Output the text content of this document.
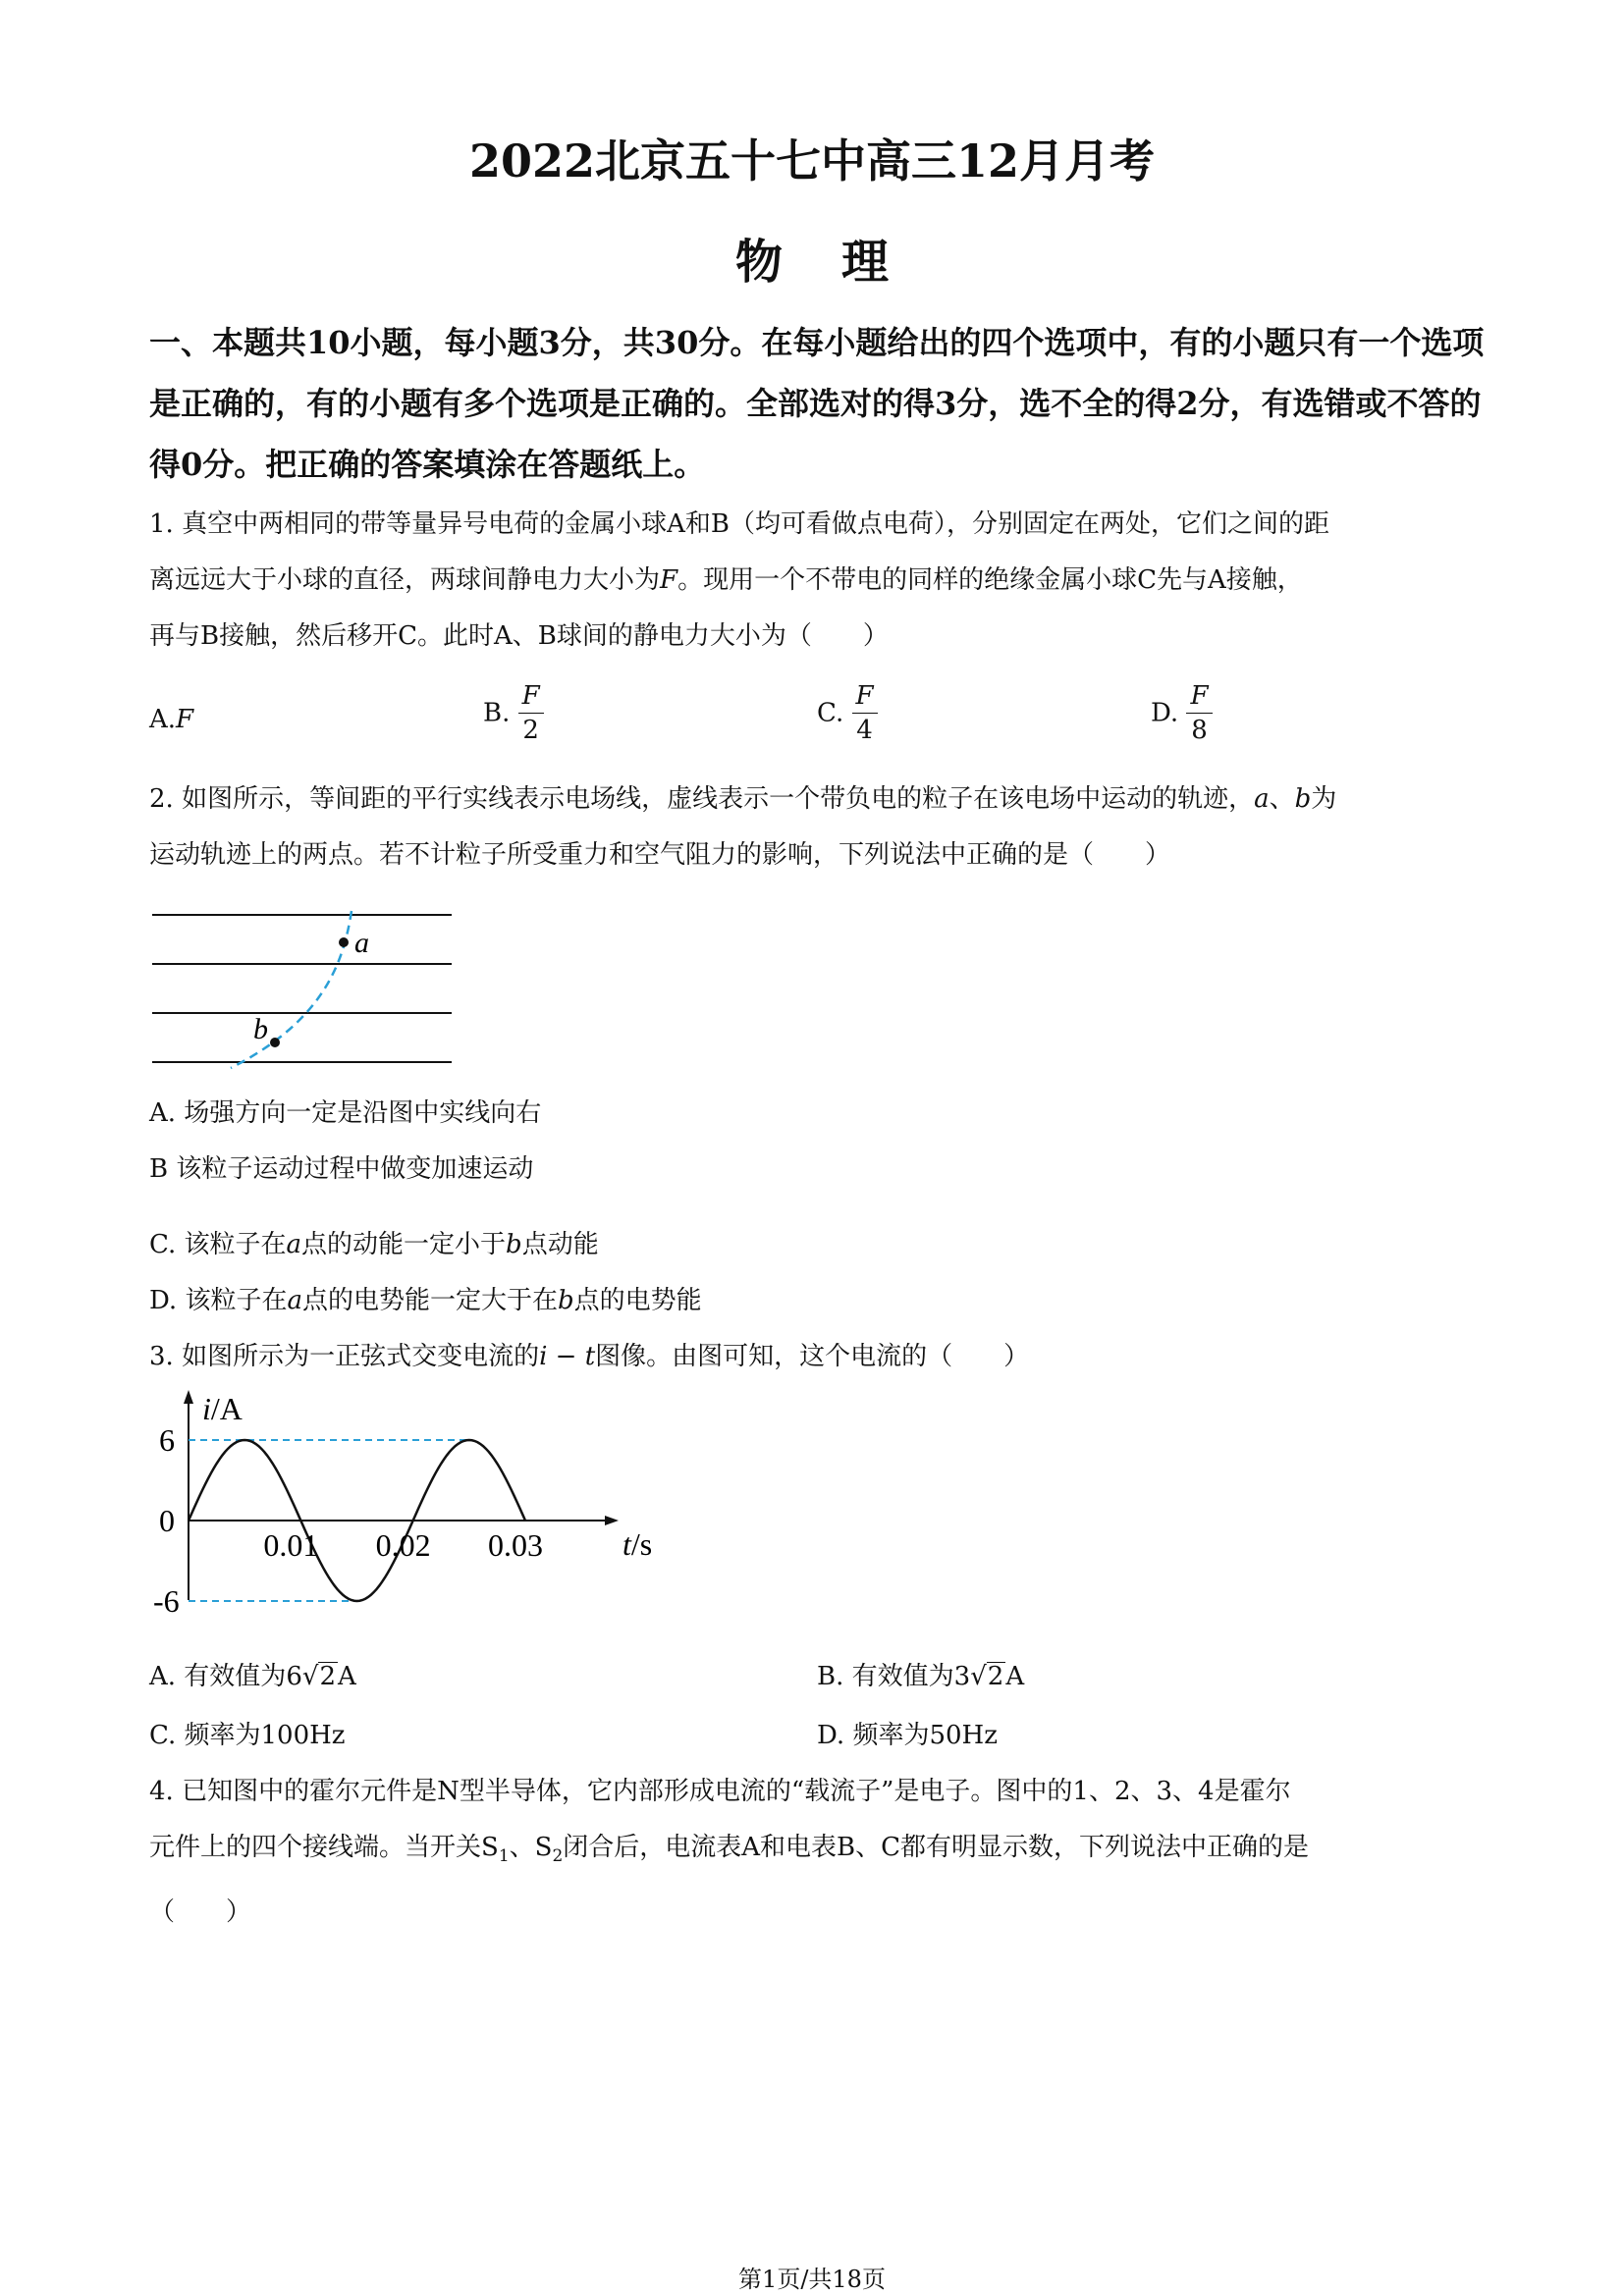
2022北京五十七中高三12月月考
物理
一、本题共10小题，每小题3分，共30分。在每小题给出的四个选项中，有的小题只有一个选项是正确的，有的小题有多个选项是正确的。全部选对的得3分，选不全的得2分，有选错或不答的得0分。把正确的答案填涂在答题纸上。
1. 真空中两相同的带等量异号电荷的金属小球A和B（均可看做点电荷），分别固定在两处，它们之间的距
离远远大于小球的直径，两球间静电力大小为F。现用一个不带电的同样的绝缘金属小球C先与A接触，
再与B接触，然后移开C。此时A、B球间的静电力大小为（　　）
A.F	B. $\frac{F}{2}$	C. $\frac{F}{4}$	D. $\frac{F}{8}$
2. 如图所示，等间距的平行实线表示电场线，虚线表示一个带负电的粒子在该电场中运动的轨迹，a、b为
运动轨迹上的两点。若不计粒子所受重力和空气阻力的影响，下列说法中正确的是（　　）
a
b
A. 场强方向一定是沿图中实线向右
B 该粒子运动过程中做变加速运动
C. 该粒子在a点的动能一定小于b点动能
D. 该粒子在a点的电势能一定大于在b点的电势能
3. 如图所示为一正弦式交变电流的i − t图像。由图可知，这个电流的（　　）
i/A
6
0
-6
0.01 0.02 0.03	t/s
A. 有效值为6√2A	B. 有效值为3√2A
C. 频率为100Hz	D. 频率为50Hz
4. 已知图中的霍尔元件是N型半导体，它内部形成电流的“载流子”是电子。图中的1、2、3、4是霍尔
元件上的四个接线端。当开关$S_1$、$S_2$闭合后，电流表A和电表B、C都有明显示数，下列说法中正确的是
（　　）
第1页/共18页
